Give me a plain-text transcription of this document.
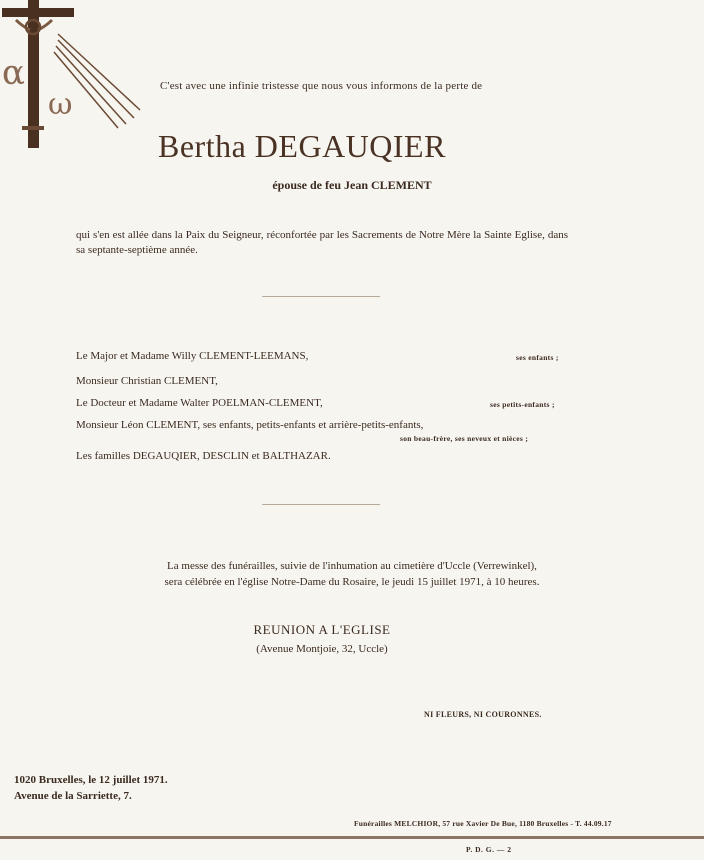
α
ω
C'est avec une infinie tristesse que nous vous informons de la perte de
Bertha DEGAUQIER
épouse de feu Jean CLEMENT
qui s'en est allée dans la Paix du Seigneur, réconfortée par les Sacrements de Notre Mère la Sainte Eglise, dans sa septante-septième année.
Le Major et Madame Willy CLEMENT-LEEMANS,	ses enfants ;
Monsieur Christian CLEMENT,
Le Docteur et Madame Walter POELMAN-CLEMENT,	ses petits-enfants ;
Monsieur Léon CLEMENT, ses enfants, petits-enfants et arrière-petits-enfants,
son beau-frère, ses neveux et nièces ;
Les familles DEGAUQIER, DESCLIN et BALTHAZAR.
La messe des funérailles, suivie de l'inhumation au cimetière d'Uccle (Verrewinkel),
sera célébrée en l'église Notre-Dame du Rosaire, le jeudi 15 juillet 1971, à 10 heures.
REUNION A L'EGLISE
(Avenue Montjoie, 32, Uccle)
NI FLEURS, NI COURONNES.
1020 Bruxelles, le 12 juillet 1971.
Avenue de la Sarriette, 7.
Funérailles MELCHIOR, 57 rue Xavier De Bue, 1180 Bruxelles - T. 44.09.17
P. D. G. — 2
